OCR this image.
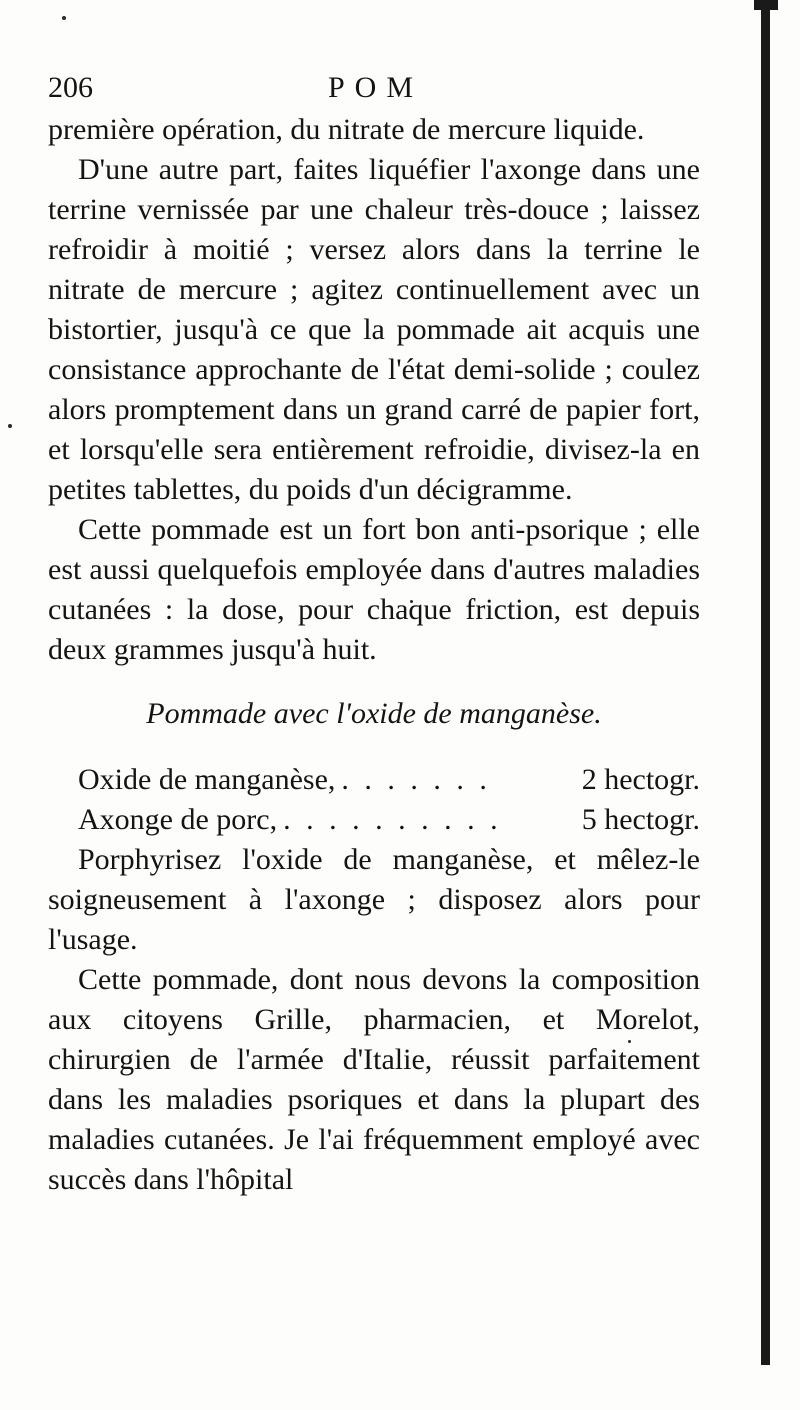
206	POM

première opération, du nitrate de mercure liquide.

D'une autre part, faites liquéfier l'axonge dans une terrine vernissée par une chaleur très-douce ; laissez refroidir à moitié ; versez alors dans la terrine le nitrate de mercure ; agitez continuellement avec un bistortier, jusqu'à ce que la pommade ait acquis une consistance approchante de l'état demi-solide ; coulez alors promptement dans un grand carré de papier fort, et lorsqu'elle sera entièrement refroidie, divisez-la en petites tablettes, du poids d'un décigramme.

Cette pommade est un fort bon anti-psorique ; elle est aussi quelquefois employée dans d'autres maladies cutanées : la dose, pour chaque friction, est depuis deux grammes jusqu'à huit.

Pommade avec l'oxide de manganèse.
Oxide de manganèse, . . . . . . .	2 hectogr.
Axonge de porc, . . . . . . . . . .	5 hectogr.

Porphyrisez l'oxide de manganèse, et mêlez-le soigneusement à l'axonge ; disposez alors pour l'usage.

Cette pommade, dont nous devons la composition aux citoyens Grille, pharmacien, et Morelot, chirurgien de l'armée d'Italie, réussit parfaitement dans les maladies psoriques et dans la plupart des maladies cutanées. Je l'ai fréquemment employé avec succès dans l'hôpital
